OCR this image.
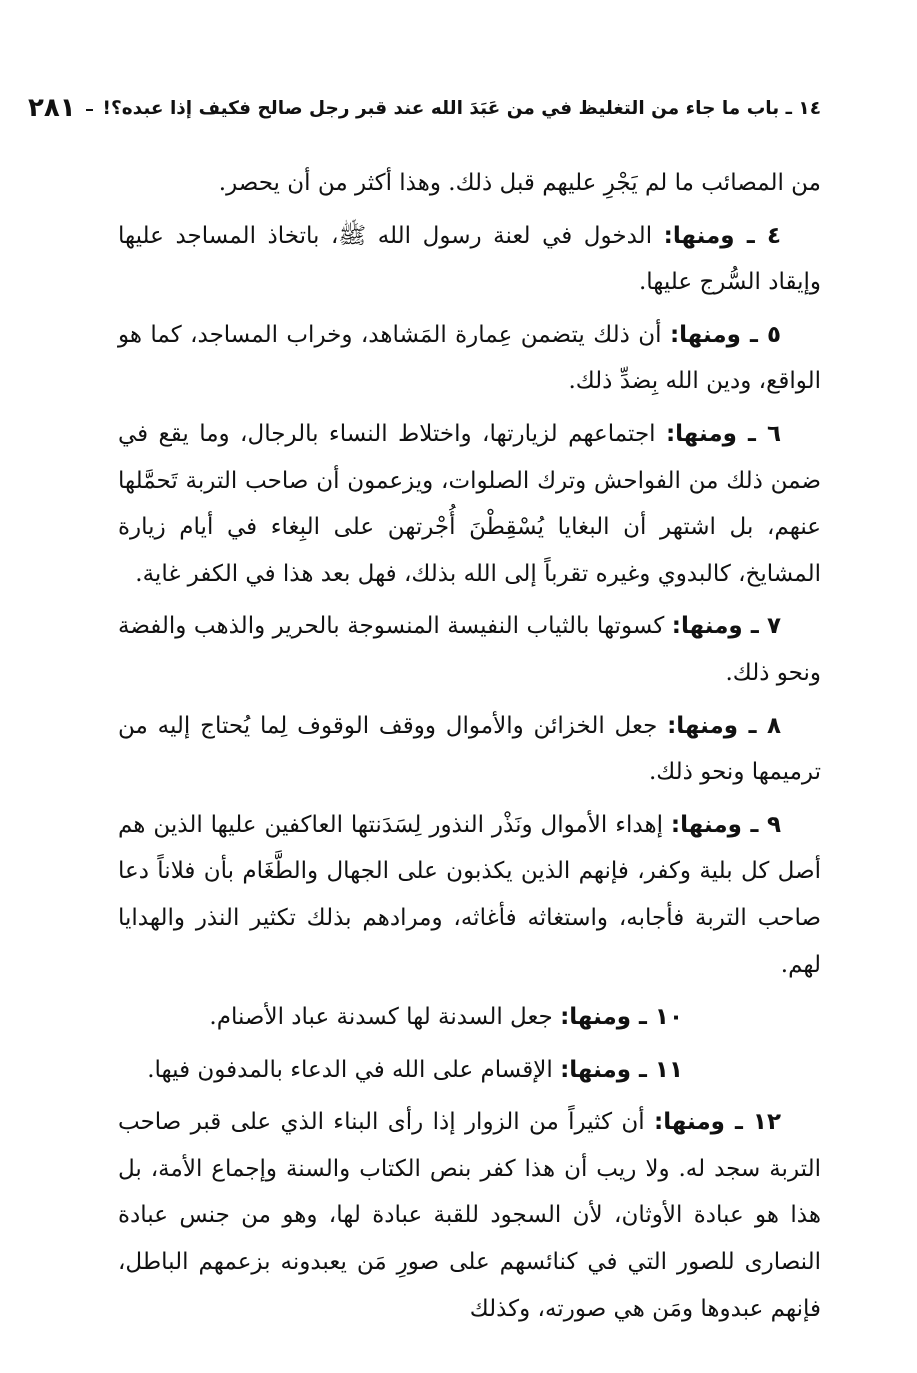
١٤ ـ باب ما جاء من التغليظ في من عَبَدَ الله عند قبر رجل صالح فكيف إذا عبده؟!
٢٨١

من المصائب ما لم يَجْرِ عليهم قبل ذلك. وهذا أكثر من أن يحصر.

٤ ـ ومنها: الدخول في لعنة رسول الله ﷺ، باتخاذ المساجد عليها وإيقاد السُّرج عليها.

٥ ـ ومنها: أن ذلك يتضمن عِمارة المَشاهد، وخراب المساجد، كما هو الواقع، ودين الله بِضدِّ ذلك.

٦ ـ ومنها: اجتماعهم لزيارتها، واختلاط النساء بالرجال، وما يقع في ضمن ذلك من الفواحش وترك الصلوات، ويزعمون أن صاحب التربة تَحمَّلها عنهم، بل اشتهر أن البغايا يُسْقِطْنَ أُجْرتهن على البِغاء في أيام زيارة المشايخ، كالبدوي وغيره تقرباً إلى الله بذلك، فهل بعد هذا في الكفر غاية.

٧ ـ ومنها: كسوتها بالثياب النفيسة المنسوجة بالحرير والذهب والفضة ونحو ذلك.

٨ ـ ومنها: جعل الخزائن والأموال ووقف الوقوف لِما يُحتاج إليه من ترميمها ونحو ذلك.

٩ ـ ومنها: إهداء الأموال ونَذْر النذور لِسَدَنتها العاكفين عليها الذين هم أصل كل بلية وكفر، فإنهم الذين يكذبون على الجهال والطَّغَام بأن فلاناً دعا صاحب التربة فأجابه، واستغاثه فأغاثه، ومرادهم بذلك تكثير النذر والهدايا لهم.

١٠ ـ ومنها: جعل السدنة لها كسدنة عباد الأصنام.

١١ ـ ومنها: الإقسام على الله في الدعاء بالمدفون فيها.

١٢ ـ ومنها: أن كثيراً من الزوار إذا رأى البناء الذي على قبر صاحب التربة سجد له. ولا ريب أن هذا كفر بنص الكتاب والسنة وإجماع الأمة، بل هذا هو عبادة الأوثان، لأن السجود للقبة عبادة لها، وهو من جنس عبادة النصارى للصور التي في كنائسهم على صورِ مَن يعبدونه بزعمهم الباطل، فإنهم عبدوها ومَن هي صورته، وكذلك
